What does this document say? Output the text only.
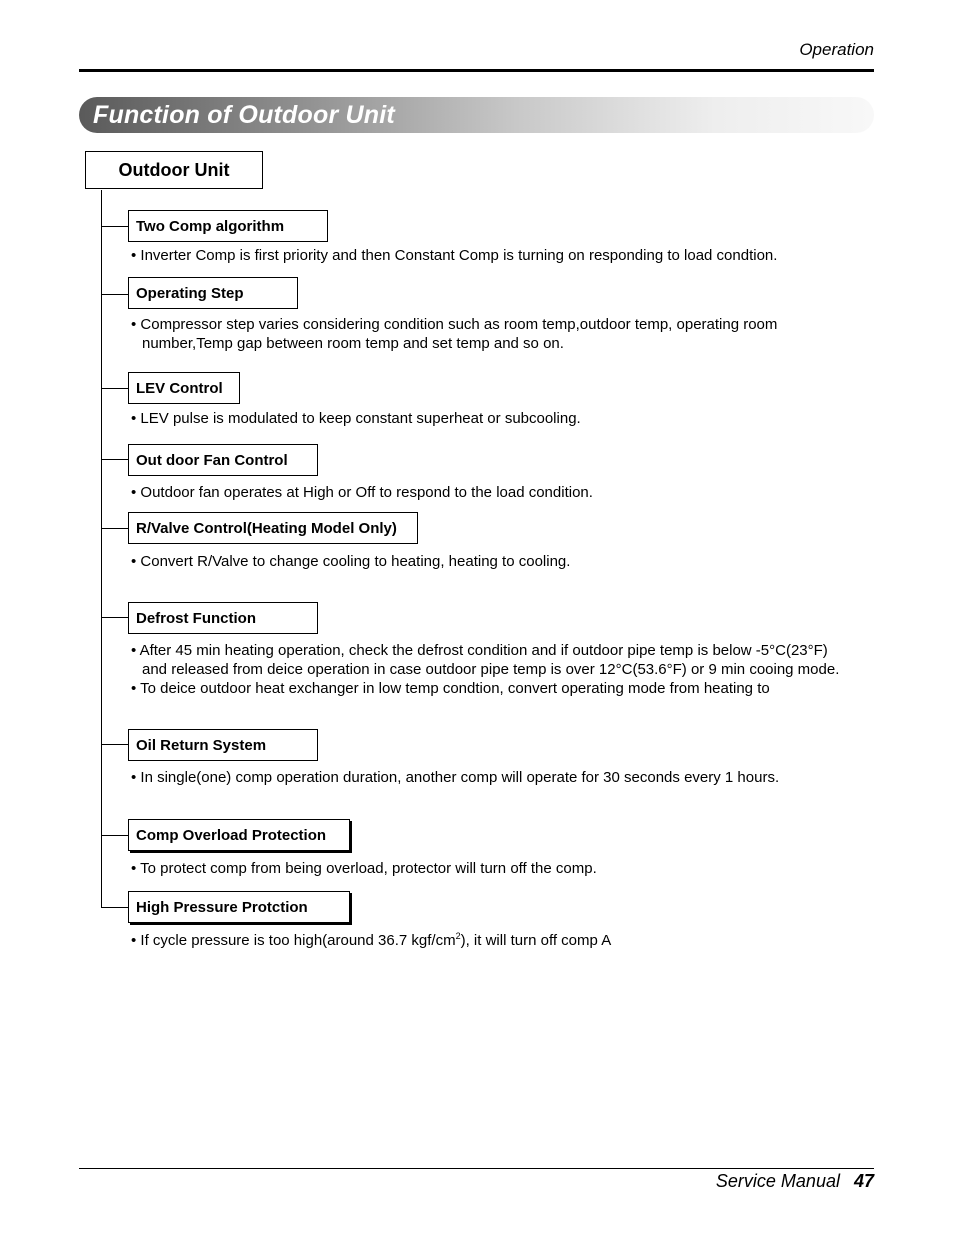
Operation
Function of Outdoor Unit
Outdoor Unit
Two Comp algorithm
• Inverter Comp is first priority and then Constant Comp is turning on responding to load condtion.
Operating Step
• Compressor step varies considering condition such as room temp,outdoor temp, operating room number,Temp gap between room temp and set temp and so on.
LEV Control
• LEV pulse is modulated to keep constant superheat or subcooling.
Out door Fan Control
• Outdoor fan operates at High or Off to respond to the load condition.
R/Valve Control(Heating Model Only)
• Convert R/Valve to change cooling to heating, heating to cooling.
Defrost Function
• After 45 min heating operation, check the defrost condition and if outdoor pipe temp is below -5°C(23°F) and released from deice operation in case outdoor pipe temp is over 12°C(53.6°F) or 9 min cooing mode.
• To deice outdoor heat exchanger in low temp condtion, convert operating mode from heating to
Oil Return System
• In single(one) comp operation duration, another comp will operate for 30 seconds every 1 hours.
Comp Overload Protection
• To protect comp from being overload, protector will turn off the comp.
High Pressure Protction
• If cycle pressure is too high(around 36.7 kgf/$cm^2$), it will turn off comp A
Service Manual 47
